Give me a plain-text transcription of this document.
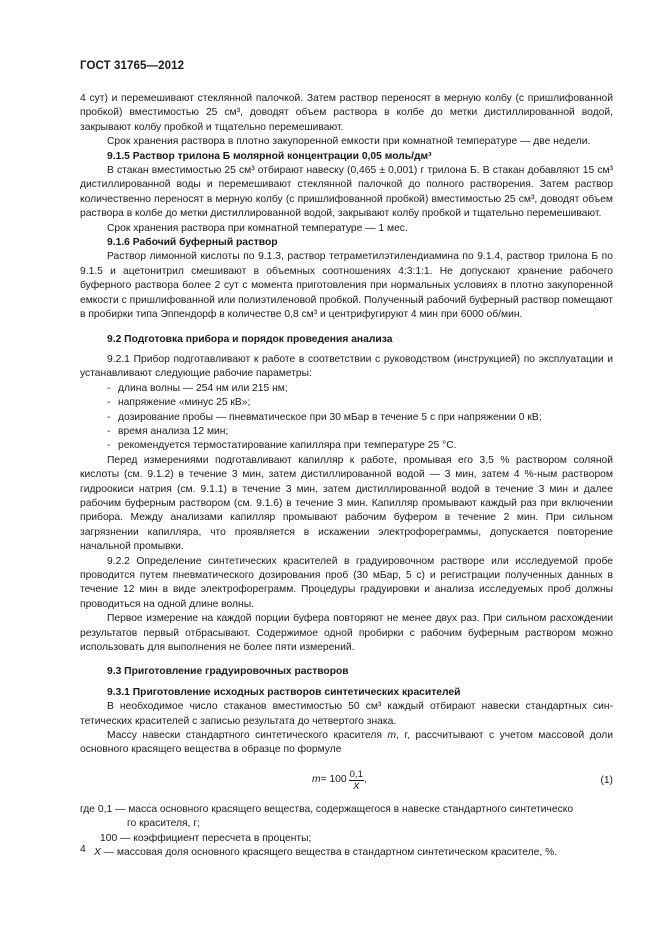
ГОСТ 31765—2012

4 сут) и перемешивают стеклянной палочкой. Затем раствор переносят в мерную колбу (с пришлифованной пробкой) вместимостью 25 см³, доводят объем раствора в колбе до метки дистиллированной водой, закрывают колбу пробкой и тщательно перемешивают.

Срок хранения раствора в плотно закупоренной емкости при комнатной температуре — две недели.

9.1.5 Раствор трилона Б молярной концентрации 0,05 моль/дм³

В стакан вместимостью 25 см³ отбирают навеску (0,465 ± 0,001) г трилона Б. В стакан добавляют 15 см³ дистиллированной воды и перемешивают стеклянной палочкой до полного растворения. Затем раствор количественно переносят в мерную колбу (с пришлифованной пробкой) вместимостью 25 см³, доводят объем раствора в колбе до метки дистиллированной водой, закрывают колбу пробкой и тщательно перемешивают.

Срок хранения раствора при комнатной температуре — 1 мес.

9.1.6 Рабочий буферный раствор

Раствор лимонной кислоты по 9.1.3, раствор тетраметилэтилендиамина по 9.1.4, раствор трилона Б по 9.1.5 и ацетонитрил смешивают в объемных соотношениях 4:3:1:1. Не допускают хранение рабочего буферного раствора более 2 сут с момента приготовления при нормальных условиях в плотно закупоренной емкости с пришлифованной или полиэтиленовой пробкой. Полученный рабочий буферный раствор помещают в пробирки типа Эппендорф в количестве 0,8 см³ и центрифугируют 4 мин при 6000 об/мин.

9.2 Подготовка прибора и порядок проведения анализа

9.2.1 Прибор подготавливают к работе в соответствии с руководством (инструкцией) по эксплуатации и устанавливают следующие рабочие параметры:

- длина волны — 254 нм или 215 нм;

- напряжение «минус 25 кВ»;

- дозирование пробы — пневматическое при 30 мБар в течение 5 с при напряжении 0 кВ;

- время анализа 12 мин;

- рекомендуется термостатирование капилляра при температуре 25 °С.

Перед измерениями подготавливают капилляр к работе, промывая его 3,5 % раствором соляной кислоты (см. 9.1.2) в течение 3 мин, затем дистиллированной водой — 3 мин, затем 4 %-ным раствором гидроокиси натрия (см. 9.1.1) в течение 3 мин, затем дистиллированной водой в течение 3 мин и далее рабочим буферным раствором (см. 9.1.6) в течение 3 мин. Капилляр промывают каждый раз при включении прибора. Между анализами капилляр промывают рабочим буфером в течение 2 мин. При сильном загрязнении капилляра, что проявляется в искажении электрофореграммы, допускается повторение начальной промывки.

9.2.2 Определение синтетических красителей в градуировочном растворе или исследуемой пробе проводится путем пневматического дозирования проб (30 мБар, 5 с) и регистрации полученных данных в течение 12 мин в виде электрофореграмм. Процедуры градуировки и анализа исследуемых проб должны проводиться на одной длине волны.

Первое измерение на каждой порции буфера повторяют не менее двух раз. При сильном расхождении результатов первый отбрасывают. Содержимое одной пробирки с рабочим буферным раствором можно использовать для выполнения не более пяти измерений.

9.3 Приготовление градуировочных растворов

9.3.1 Приготовление исходных растворов синтетических красителей

В необходимое число стаканов вместимостью 50 см³ каждый отбирают навески стандартных синтетических красителей с записью результата до четвертого знака.

Массу навески стандартного синтетического красителя m, г, рассчитывают с учетом массовой доли основного красящего вещества в образце по формуле

$m = 100 \frac{0,1}{X}$ ,	(1)

где 0,1 — масса основного красящего вещества, содержащегося в навеске стандартного синтетическо

го красителя, г;

100 — коэффициент пересчета в проценты;

X — массовая доля основного красящего вещества в стандартном синтетическом красителе, %.

4
